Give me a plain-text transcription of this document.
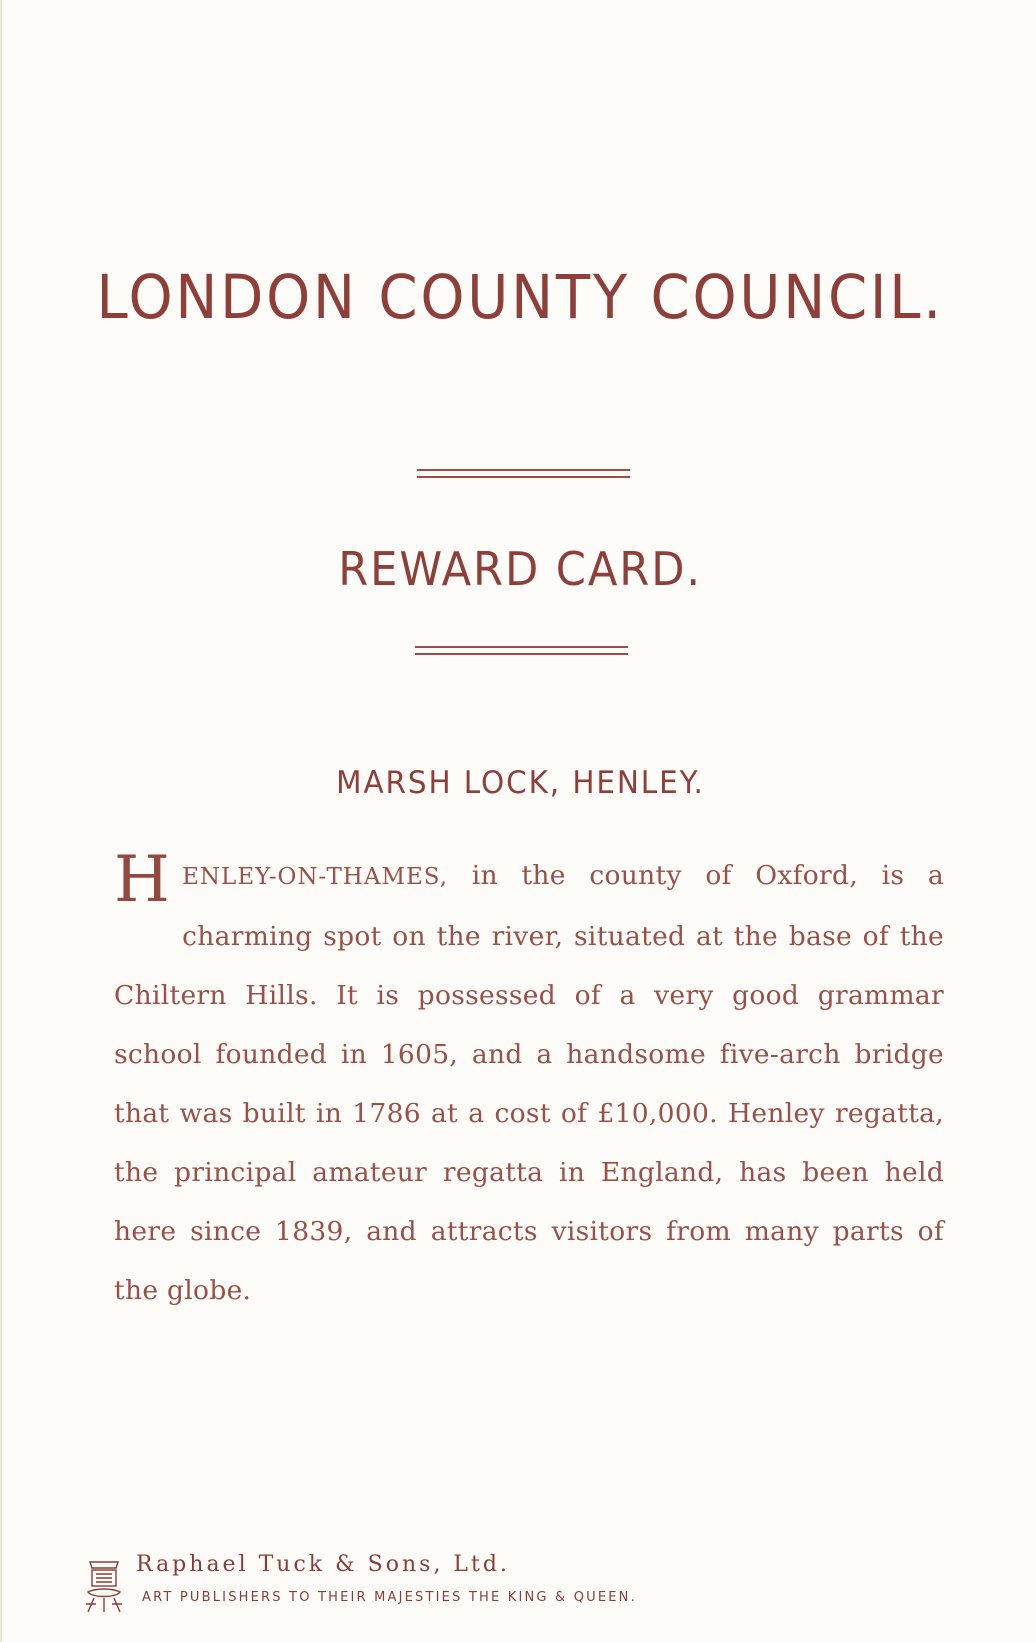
LONDON COUNTY COUNCIL.
REWARD CARD.
MARSH LOCK, HENLEY.
HENLEY-ON-THAMES, in the county of Oxford, is a charming spot on the river, situated at the base of the Chiltern Hills. It is possessed of a very good grammar school founded in 1605, and a handsome five-arch bridge that was built in 1786 at a cost of £10,000. Henley regatta, the principal amateur regatta in England, has been held here since 1839, and attracts visitors from many parts of the globe.
Raphael Tuck & Sons, Ltd.
ART PUBLISHERS TO THEIR MAJESTIES THE KING & QUEEN.
